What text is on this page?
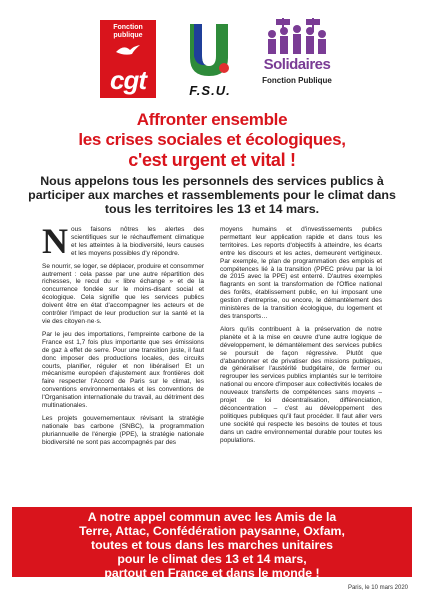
Fonction publique
cgt	F.S.U.
Solidaires
Fonction Publique
Affronter ensemble
les crises sociales et écologiques,
c'est urgent et vital !
Nous appelons tous les personnels des services publics à participer aux marches et rassemblements pour le climat dans tous les territoires les 13 et 14 mars.

Nous faisons nôtres les alertes des scientifiques sur le réchauffement climatique et les atteintes à la biodiversité, leurs causes et les moyens possibles d'y répondre.

Se nourrir, se loger, se déplacer, produire et consommer autrement : cela passe par une autre répartition des richesses, le recul du « libre échange » et de la concurrence fondée sur le moins-disant social et écologique. Cela signifie que les services publics doivent être en état d'accompagner les acteurs et de contrôler l'impact de leur production sur la santé et la vie des citoyen·ne·s.

Par le jeu des importations, l'empreinte carbone de la France est 1,7 fois plus importante que ses émissions de gaz à effet de serre. Pour une transition juste, il faut donc imposer des productions locales, des circuits courts, planifier, réguler et non libéraliser! Et un mécanisme européen d'ajustement aux frontières doit faire respecter l'Accord de Paris sur le climat, les conventions environnementales et les conventions de l'Organisation internationale du travail, au détriment des multinationales.

Les projets gouvernementaux révisant la stratégie nationale bas carbone (SNBC), la programmation pluriannuelle de l'énergie (PPE), la stratégie nationale biodiversité ne sont pas accompagnés par des

moyens humains et d'investissements publics permettant leur application rapide et dans tous les territoires. Les reports d'objectifs à atteindre, les écarts entre les discours et les actes, demeurent vertigineux. Par exemple, le plan de programmation des emplois et compétences lié à la transition (PPEC prévu par la loi de 2015 avec la PPE) est enterré. D'autres exemples flagrants en sont la transformation de l'Office national des forêts, établissement public, en lui imposant une gestion d'entreprise, ou encore, le démantèlement des ministères de la transition écologique, du logement et des transports…

Alors qu'ils contribuent à la préservation de notre planète et à la mise en œuvre d'une autre logique de développement, le démantèlement des services publics se poursuit de façon régressive. Plutôt que d'abandonner et de privatiser des missions publiques, de généraliser l'austérité budgétaire, de fermer ou regrouper les services publics implantés sur le territoire national ou encore d'imposer aux collectivités locales de nouveaux transferts de compétences sans moyens – projet de loi décentralisation, différenciation, déconcentration – c'est au développement des politiques publiques qu'il faut procéder. Il faut aller vers une société qui respecte les besoins de toutes et tous dans un cadre environnemental durable pour toutes les populations.

A notre appel commun avec les Amis de la
Terre, Attac, Confédération paysanne, Oxfam,
toutes et tous dans les marches unitaires
pour le climat des 13 et 14 mars,
partout en France et dans le monde !
Paris, le 10 mars 2020
